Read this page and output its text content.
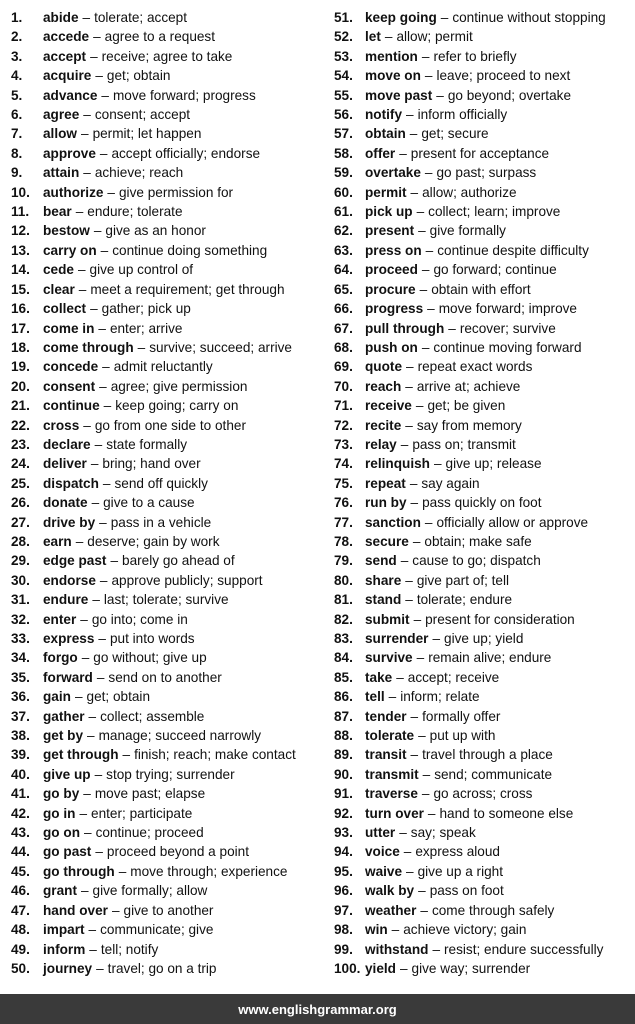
1.	abide – tolerate; accept
2.	accede – agree to a request
3.	accept – receive; agree to take
4.	acquire – get; obtain
5.	advance – move forward; progress
6.	agree – consent; accept
7.	allow – permit; let happen
8.	approve – accept officially; endorse
9.	attain – achieve; reach
10. authorize – give permission for
11.	bear – endure; tolerate
12. bestow – give as an honor
13. carry on – continue doing something
14. cede – give up control of
15. clear – meet a requirement; get through
16. collect – gather; pick up
17. come in – enter; arrive
18. come through – survive; succeed; arrive
19. concede – admit reluctantly
20. consent – agree; give permission
21. continue – keep going; carry on
22. cross – go from one side to other
23. declare – state formally
24. deliver – bring; hand over
25. dispatch – send off quickly
26. donate – give to a cause
27. drive by – pass in a vehicle
28. earn – deserve; gain by work
29. edge past – barely go ahead of
30. endorse – approve publicly; support
31. endure – last; tolerate; survive
32. enter – go into; come in
33. express – put into words
34. forgo – go without; give up
35. forward – send on to another
36. gain – get; obtain
37. gather – collect; assemble
38. get by – manage; succeed narrowly
39. get through – finish; reach; make contact
40. give up – stop trying; surrender
41. go by – move past; elapse
42. go in – enter; participate
43. go on – continue; proceed
44. go past – proceed beyond a point
45. go through – move through; experience
46. grant – give formally; allow
47. hand over – give to another
48. impart – communicate; give
49. inform – tell; notify
50. journey – travel; go on a trip
51. keep going – continue without stopping
52. let – allow; permit
53. mention – refer to briefly
54. move on – leave; proceed to next
55. move past – go beyond; overtake
56. notify – inform officially
57. obtain – get; secure
58. offer – present for acceptance
59. overtake – go past; surpass
60. permit – allow; authorize
61. pick up – collect; learn; improve
62. present – give formally
63. press on – continue despite difficulty
64. proceed – go forward; continue
65. procure – obtain with effort
66. progress – move forward; improve
67. pull through – recover; survive
68. push on – continue moving forward
69. quote – repeat exact words
70. reach – arrive at; achieve
71. receive – get; be given
72. recite – say from memory
73. relay – pass on; transmit
74. relinquish – give up; release
75. repeat – say again
76. run by – pass quickly on foot
77. sanction – officially allow or approve
78. secure – obtain; make safe
79. send – cause to go; dispatch
80. share – give part of; tell
81. stand – tolerate; endure
82. submit – present for consideration
83. surrender – give up; yield
84. survive – remain alive; endure
85. take – accept; receive
86. tell – inform; relate
87. tender – formally offer
88. tolerate – put up with
89. transit – travel through a place
90. transmit – send; communicate
91. traverse – go across; cross
92. turn over – hand to someone else
93. utter – say; speak
94. voice – express aloud
95. waive – give up a right
96. walk by – pass on foot
97. weather – come through safely
98. win – achieve victory; gain
99. withstand – resist; endure successfully
100. yield – give way; surrender
www.englishgrammar.org
